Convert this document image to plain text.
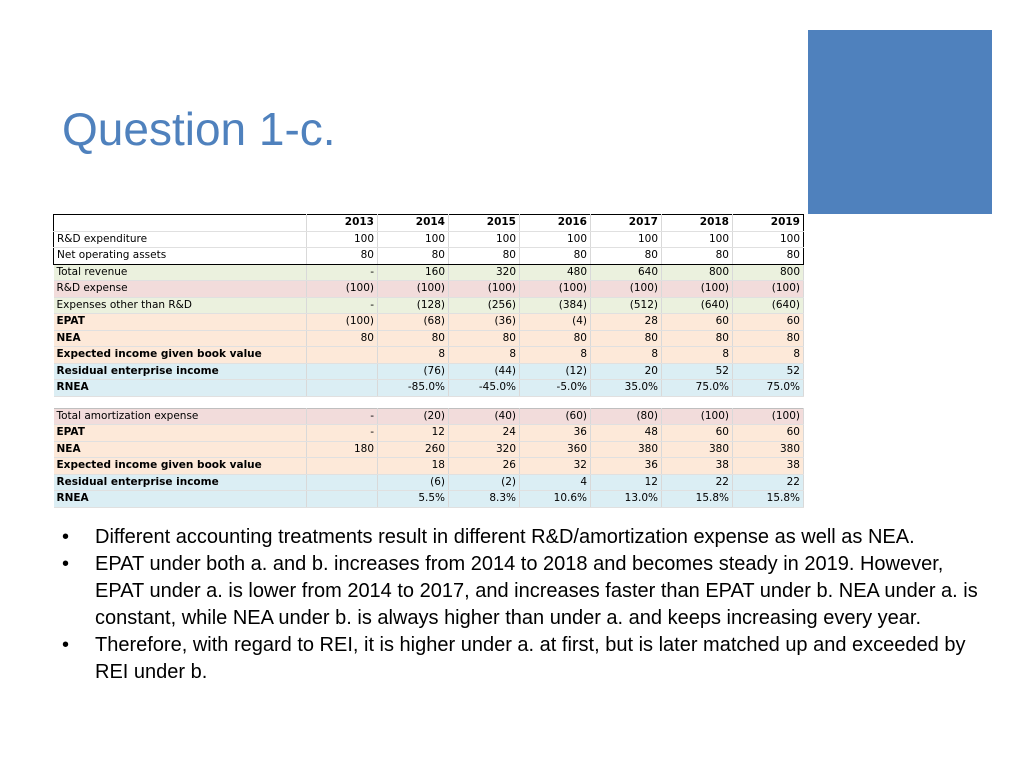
Question 1-c.
	2013	2014	2015	2016	2017	2018	2019
R&D expenditure	100	100	100	100	100	100	100
Net operating assets	80	80	80	80	80	80	80
Total revenue	-	160	320	480	640	800	800
R&D expense	(100)	(100)	(100)	(100)	(100)	(100)	(100)
Expenses other than R&D	-	(128)	(256)	(384)	(512)	(640)	(640)
EPAT	(100)	(68)	(36)	(4)	28	60	60
NEA	80	80	80	80	80	80	80
Expected income given book value		8	8	8	8	8	8
Residual enterprise income		(76)	(44)	(12)	20	52	52
RNEA		-85.0%	-45.0%	-5.0%	35.0%	75.0%	75.0%

Total amortization expense	-	(20)	(40)	(60)	(80)	(100)	(100)
EPAT	-	12	24	36	48	60	60
NEA	180	260	320	360	380	380	380
Expected income given book value		18	26	32	36	38	38
Residual enterprise income		(6)	(2)	4	12	22	22
RNEA		5.5%	8.3%	10.6%	13.0%	15.8%	15.8%
• Different accounting treatments result in different R&D/amortization expense as well as NEA.
• EPAT under both a. and b. increases from 2014 to 2018 and becomes steady in 2019. However, EPAT under a. is lower from 2014 to 2017, and increases faster than EPAT under b. NEA under a. is constant, while NEA under b. is always higher than under a. and keeps increasing every year.
• Therefore, with regard to REI, it is higher under a. at first, but is later matched up and exceeded by REI under b.
